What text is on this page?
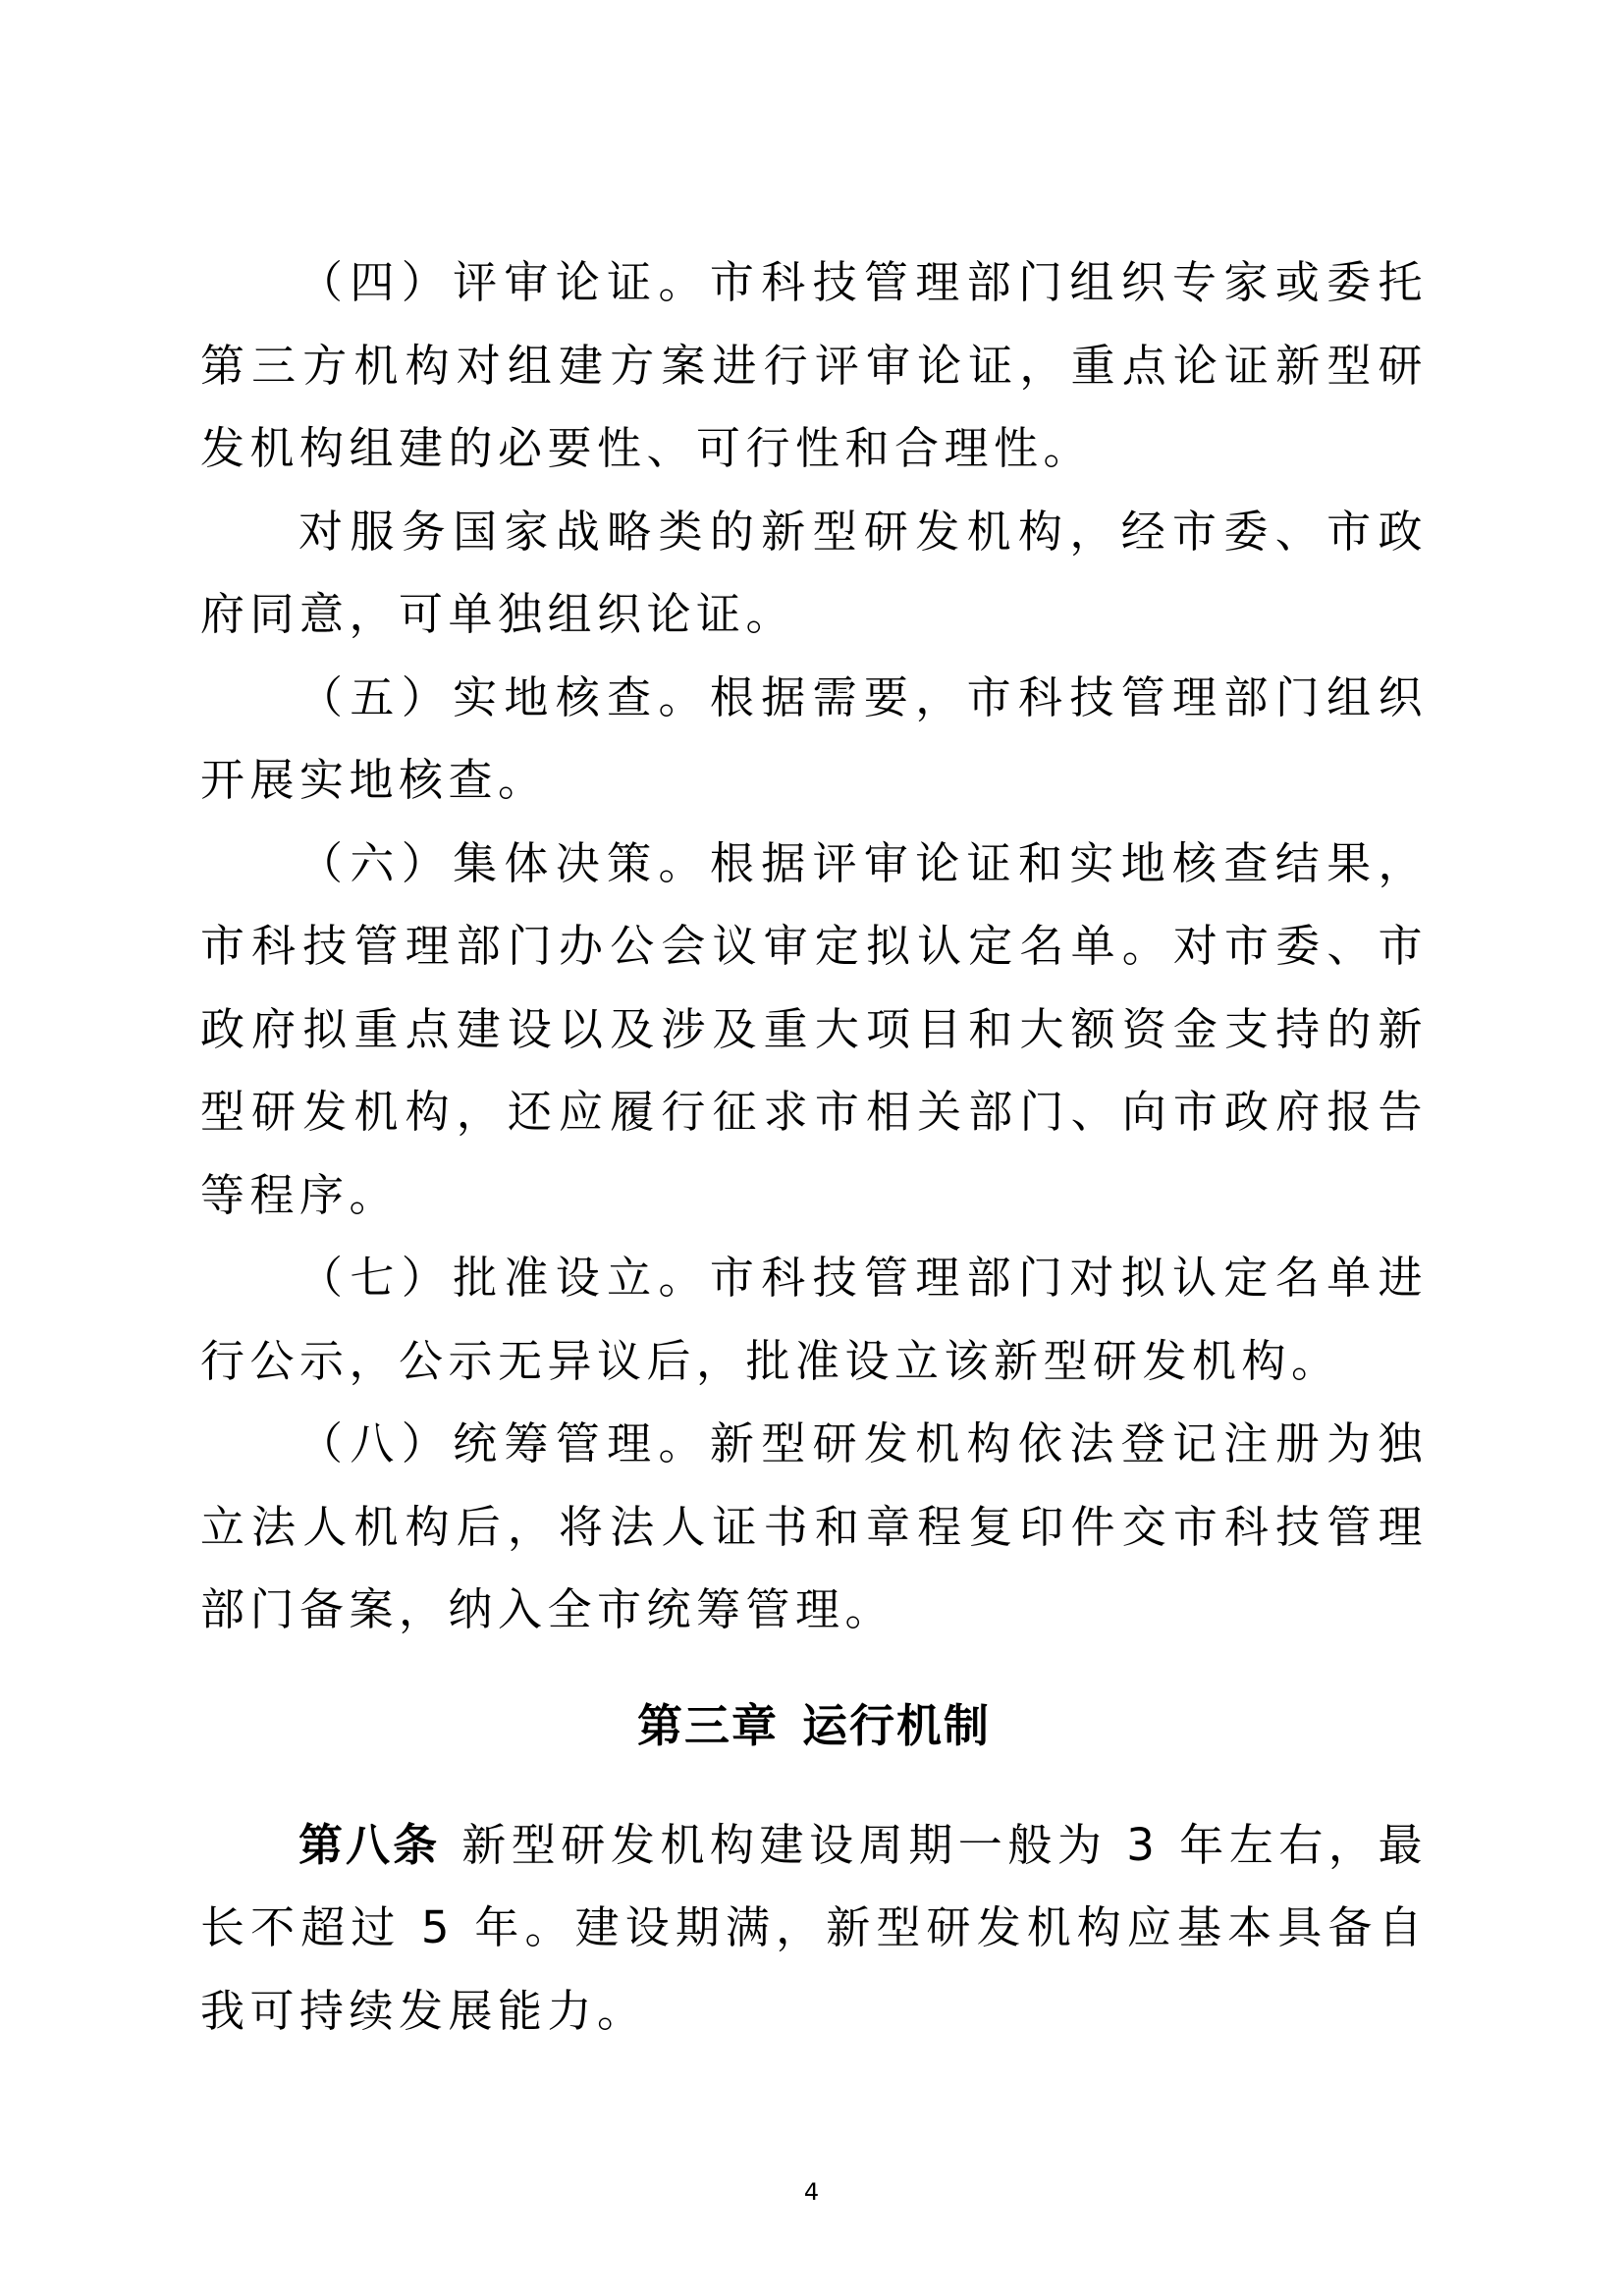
（四）评审论证。市科技管理部门组织专家或委托第三方机构对组建方案进行评审论证，重点论证新型研发机构组建的必要性、可行性和合理性。

对服务国家战略类的新型研发机构，经市委、市政府同意，可单独组织论证。

（五）实地核查。根据需要，市科技管理部门组织开展实地核查。

（六）集体决策。根据评审论证和实地核查结果，市科技管理部门办公会议审定拟认定名单。对市委、市政府拟重点建设以及涉及重大项目和大额资金支持的新型研发机构，还应履行征求市相关部门、向市政府报告等程序。

（七）批准设立。市科技管理部门对拟认定名单进行公示，公示无异议后，批准设立该新型研发机构。

（八）统筹管理。新型研发机构依法登记注册为独立法人机构后，将法人证书和章程复印件交市科技管理部门备案，纳入全市统筹管理。

第三章 运行机制

第八条 新型研发机构建设周期一般为 3 年左右，最长不超过 5 年。建设期满，新型研发机构应基本具备自我可持续发展能力。

4
